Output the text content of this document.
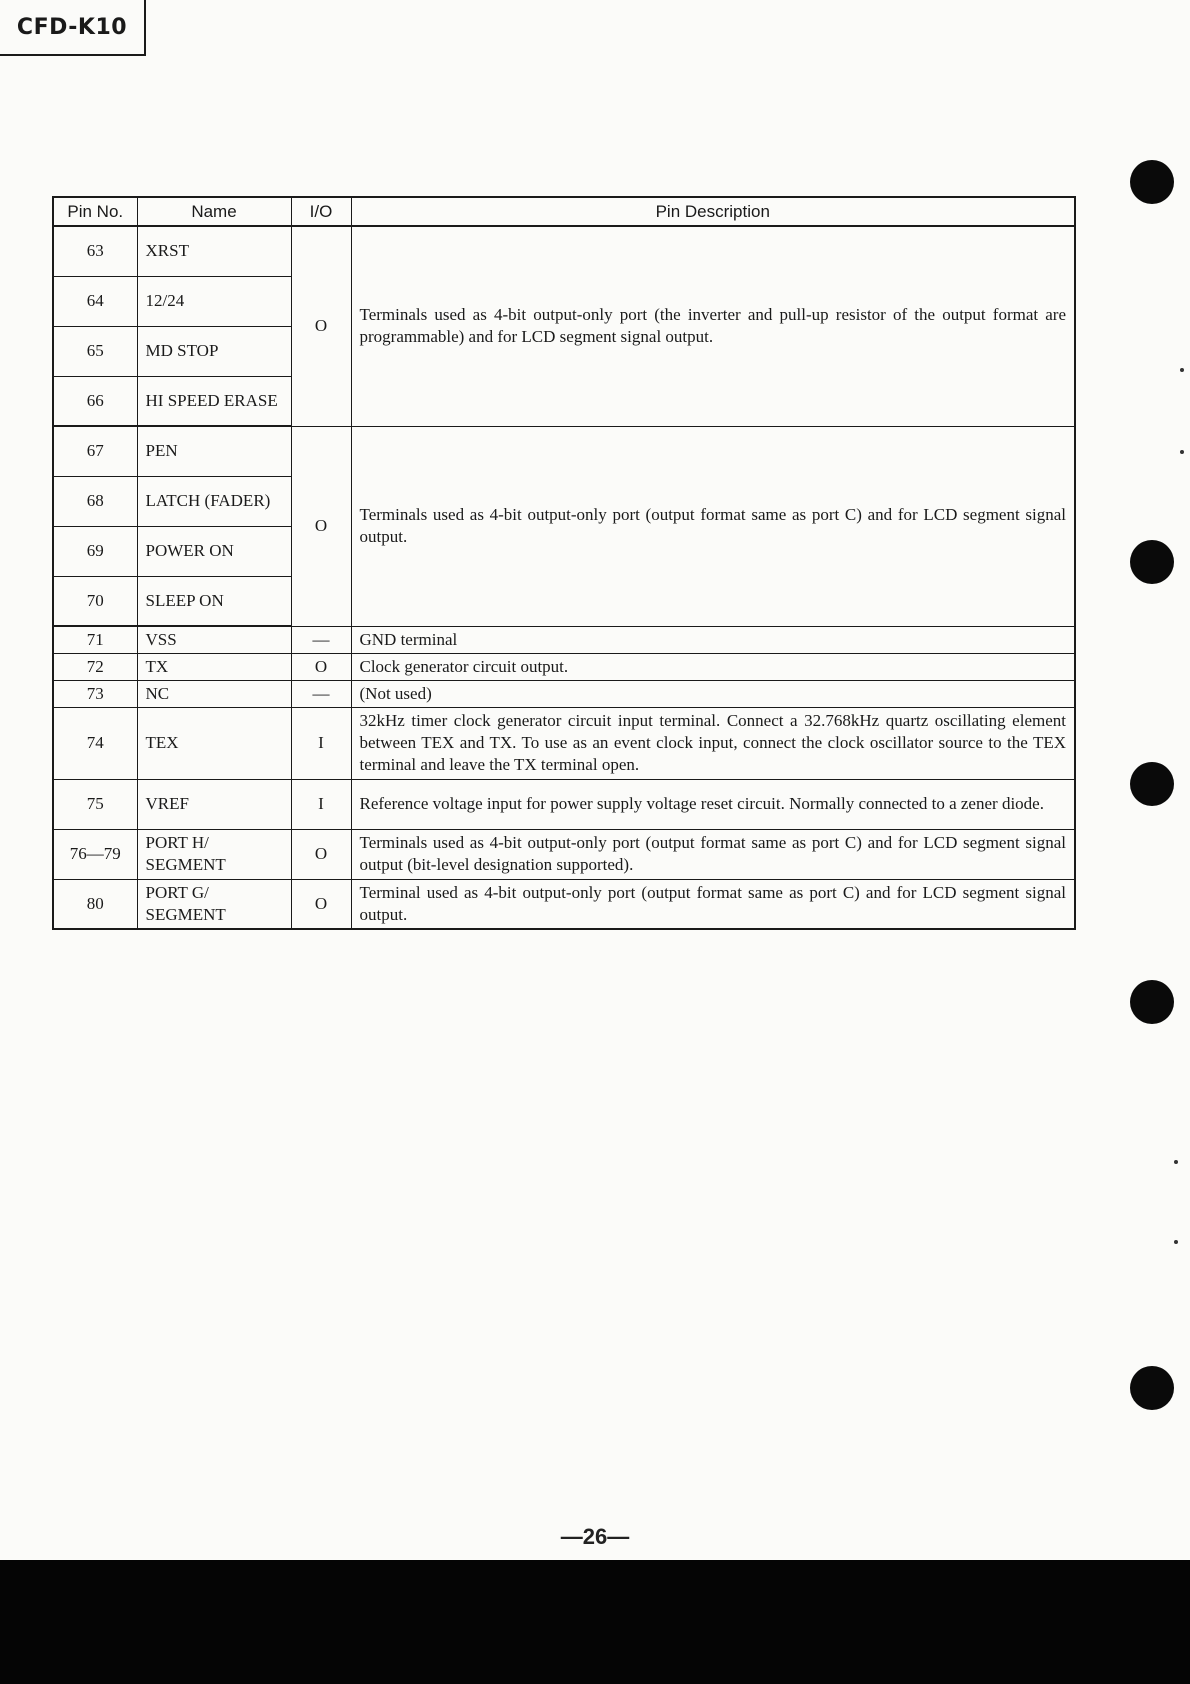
CFD-K10
Pin No.	Name	I/O	Pin Description
63	XRST	O	Terminals used as 4-bit output-only port (the inverter and pull-up resistor of the output format are programmable) and for LCD segment signal output.
64	12/24		
65	MD STOP		
66	HI SPEED ERASE		
67	PEN	O	Terminals used as 4-bit output-only port (output format same as port C) and for LCD segment signal output.
68	LATCH (FADER)		
69	POWER ON		
70	SLEEP ON		
71	VSS	—	GND terminal
72	TX	O	Clock generator circuit output.
73	NC	—	(Not used)
74	TEX	I	32kHz timer clock generator circuit input terminal. Connect a 32.768kHz quartz oscillating element between TEX and TX. To use as an event clock input, connect the clock oscillator source to the TEX terminal and leave the TX terminal open.
75	VREF	I	Reference voltage input for power supply voltage reset circuit. Normally connected to a zener diode.
76—79	PORT H/ SEGMENT	O	Terminals used as 4-bit output-only port (output format same as port C) and for LCD segment signal output (bit-level designation supported).
80	PORT G/ SEGMENT	O	Terminal used as 4-bit output-only port (output format same as port C) and for LCD segment signal output.
—26—
